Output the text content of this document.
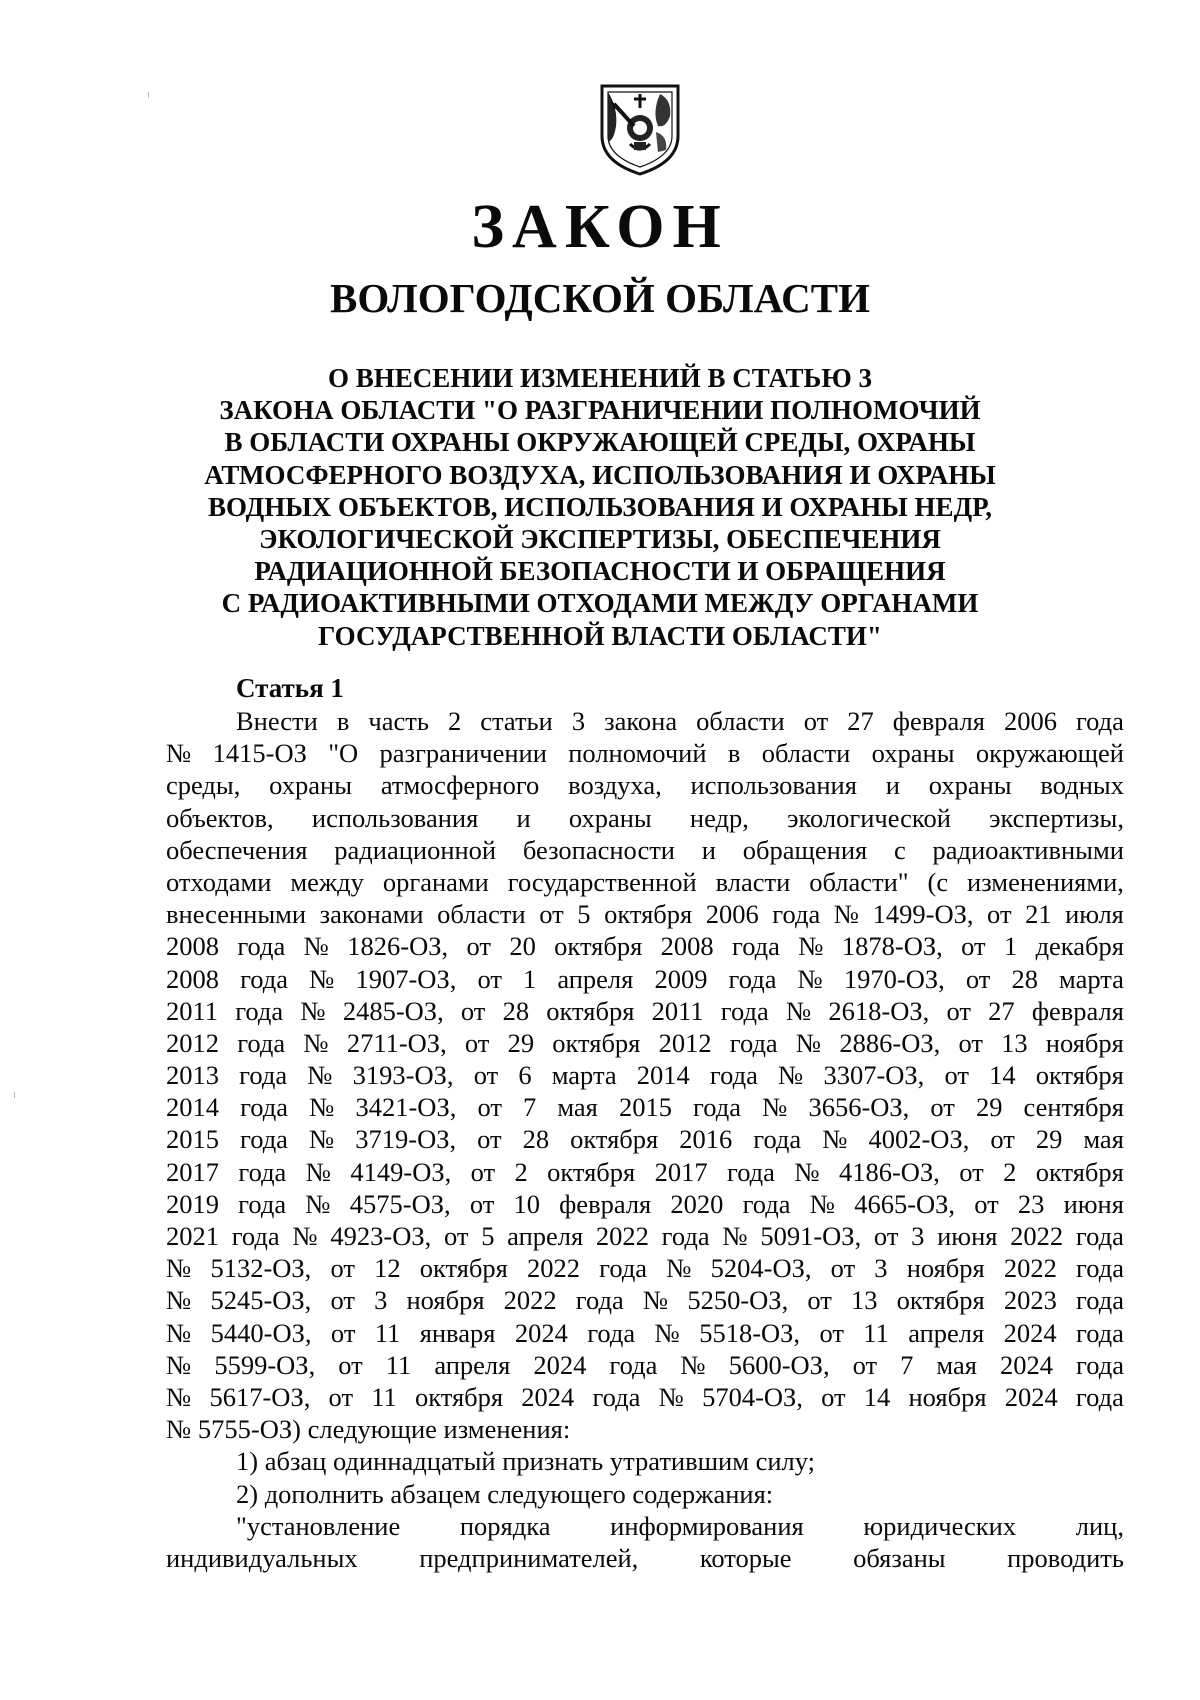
ЗАКОН
ВОЛОГОДСКОЙ ОБЛАСТИ
О ВНЕСЕНИИ ИЗМЕНЕНИЙ В СТАТЬЮ 3
ЗАКОНА ОБЛАСТИ "О РАЗГРАНИЧЕНИИ ПОЛНОМОЧИЙ
В ОБЛАСТИ ОХРАНЫ ОКРУЖАЮЩЕЙ СРЕДЫ, ОХРАНЫ
АТМОСФЕРНОГО ВОЗДУХА, ИСПОЛЬЗОВАНИЯ И ОХРАНЫ
ВОДНЫХ ОБЪЕКТОВ, ИСПОЛЬЗОВАНИЯ И ОХРАНЫ НЕДР,
ЭКОЛОГИЧЕСКОЙ ЭКСПЕРТИЗЫ, ОБЕСПЕЧЕНИЯ
РАДИАЦИОННОЙ БЕЗОПАСНОСТИ И ОБРАЩЕНИЯ
С РАДИОАКТИВНЫМИ ОТХОДАМИ МЕЖДУ ОРГАНАМИ
ГОСУДАРСТВЕННОЙ ВЛАСТИ ОБЛАСТИ"
Статья 1
Внести в часть 2 статьи 3 закона области от 27 февраля 2006 года
№ 1415-ОЗ "О разграничении полномочий в области охраны окружающей
среды, охраны атмосферного воздуха, использования и охраны водных
объектов, использования и охраны недр, экологической экспертизы,
обеспечения радиационной безопасности и обращения с радиоактивными
отходами между органами государственной власти области" (с изменениями,
внесенными законами области от 5 октября 2006 года № 1499-ОЗ, от 21 июля
2008 года № 1826-ОЗ, от 20 октября 2008 года № 1878-ОЗ, от 1 декабря
2008 года № 1907-ОЗ, от 1 апреля 2009 года № 1970-ОЗ, от 28 марта
2011 года № 2485-ОЗ, от 28 октября 2011 года № 2618-ОЗ, от 27 февраля
2012 года № 2711-ОЗ, от 29 октября 2012 года № 2886-ОЗ, от 13 ноября
2013 года № 3193-ОЗ, от 6 марта 2014 года № 3307-ОЗ, от 14 октября
2014 года № 3421-ОЗ, от 7 мая 2015 года № 3656-ОЗ, от 29 сентября
2015 года № 3719-ОЗ, от 28 октября 2016 года № 4002-ОЗ, от 29 мая
2017 года № 4149-ОЗ, от 2 октября 2017 года № 4186-ОЗ, от 2 октября
2019 года № 4575-ОЗ, от 10 февраля 2020 года № 4665-ОЗ, от 23 июня
2021 года № 4923-ОЗ, от 5 апреля 2022 года № 5091-ОЗ, от 3 июня 2022 года
№ 5132-ОЗ, от 12 октября 2022 года № 5204-ОЗ, от 3 ноября 2022 года
№ 5245-ОЗ, от 3 ноября 2022 года № 5250-ОЗ, от 13 октября 2023 года
№ 5440-ОЗ, от 11 января 2024 года № 5518-ОЗ, от 11 апреля 2024 года
№ 5599-ОЗ, от 11 апреля 2024 года № 5600-ОЗ, от 7 мая 2024 года
№ 5617-ОЗ, от 11 октября 2024 года № 5704-ОЗ, от 14 ноября 2024 года
№ 5755-ОЗ) следующие изменения:
1) абзац одиннадцатый признать утратившим силу;
2) дополнить абзацем следующего содержания:
"установление порядка информирования юридических лиц,
индивидуальных предпринимателей, которые обязаны проводить
